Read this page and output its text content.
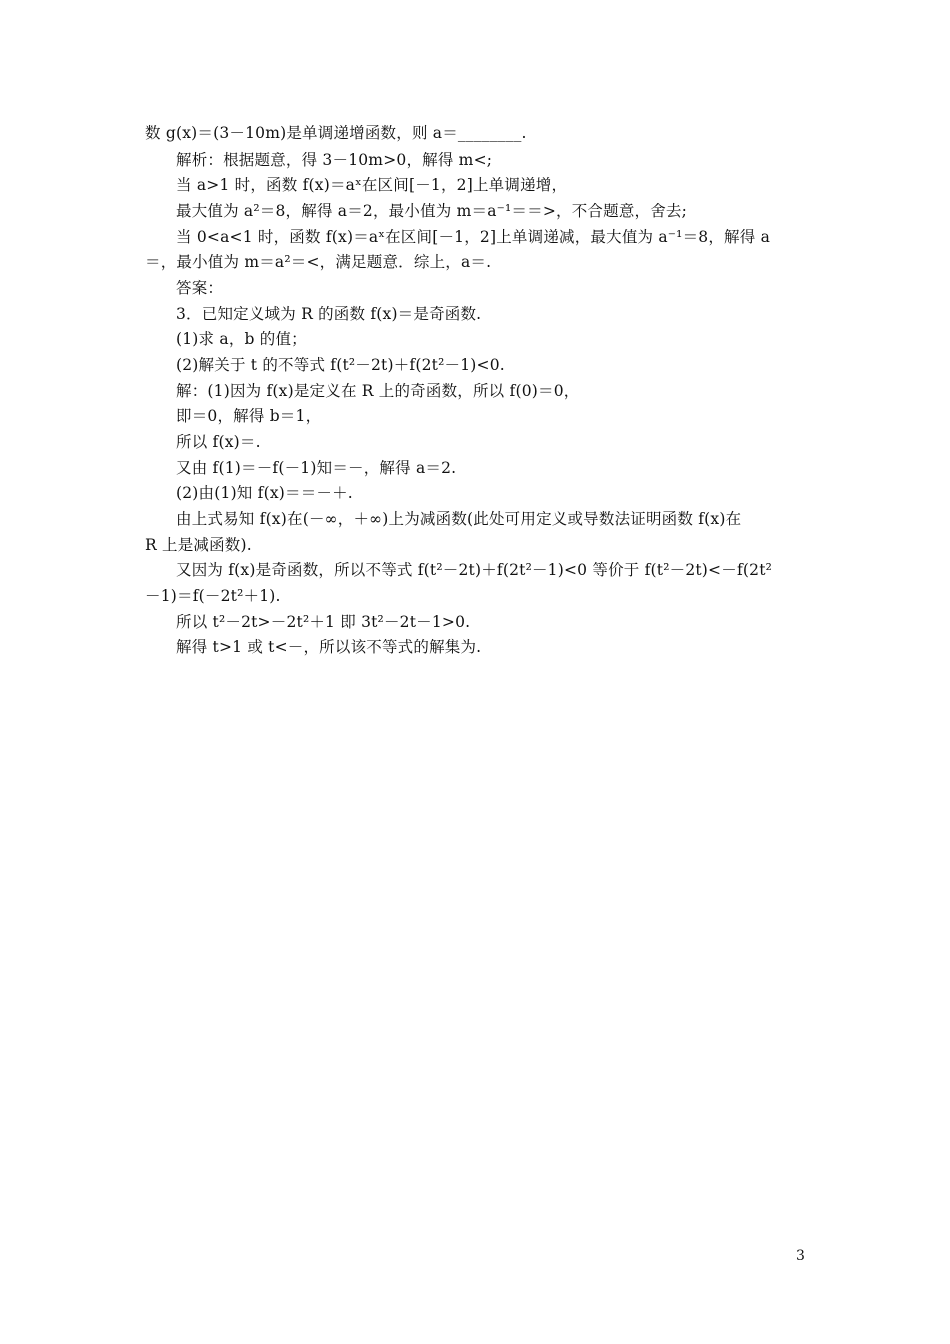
数 g(x)＝(3－10m)是单调递增函数，则 a＝________.
解析：根据题意，得 3－10m>0，解得 m<;
当 a>1 时，函数 f(x)＝aˣ在区间[－1，2]上单调递增，
最大值为 a²＝8，解得 a＝2，最小值为 m＝a⁻¹＝＝>，不合题意，舍去;
当 0<a<1 时，函数 f(x)＝aˣ在区间[－1，2]上单调递减，最大值为 a⁻¹＝8，解得 a
＝，最小值为 m＝a²＝<，满足题意．综上，a＝.
答案：
3．已知定义域为 R 的函数 f(x)＝是奇函数.
(1)求 a，b 的值；
(2)解关于 t 的不等式 f(t²－2t)＋f(2t²－1)<0.
解：(1)因为 f(x)是定义在 R 上的奇函数，所以 f(0)＝0，
即＝0，解得 b＝1，
所以 f(x)＝.
又由 f(1)＝－f(－1)知＝－，解得 a＝2.
(2)由(1)知 f(x)＝＝－＋.
由上式易知 f(x)在(－∞，＋∞)上为减函数(此处可用定义或导数法证明函数 f(x)在
R 上是减函数).
又因为 f(x)是奇函数，所以不等式 f(t²－2t)＋f(2t²－1)<0 等价于 f(t²－2t)<－f(2t²
－1)＝f(－2t²＋1).
所以 t²－2t>－2t²＋1 即 3t²－2t－1>0.
解得 t>1 或 t<－，所以该不等式的解集为.
3
